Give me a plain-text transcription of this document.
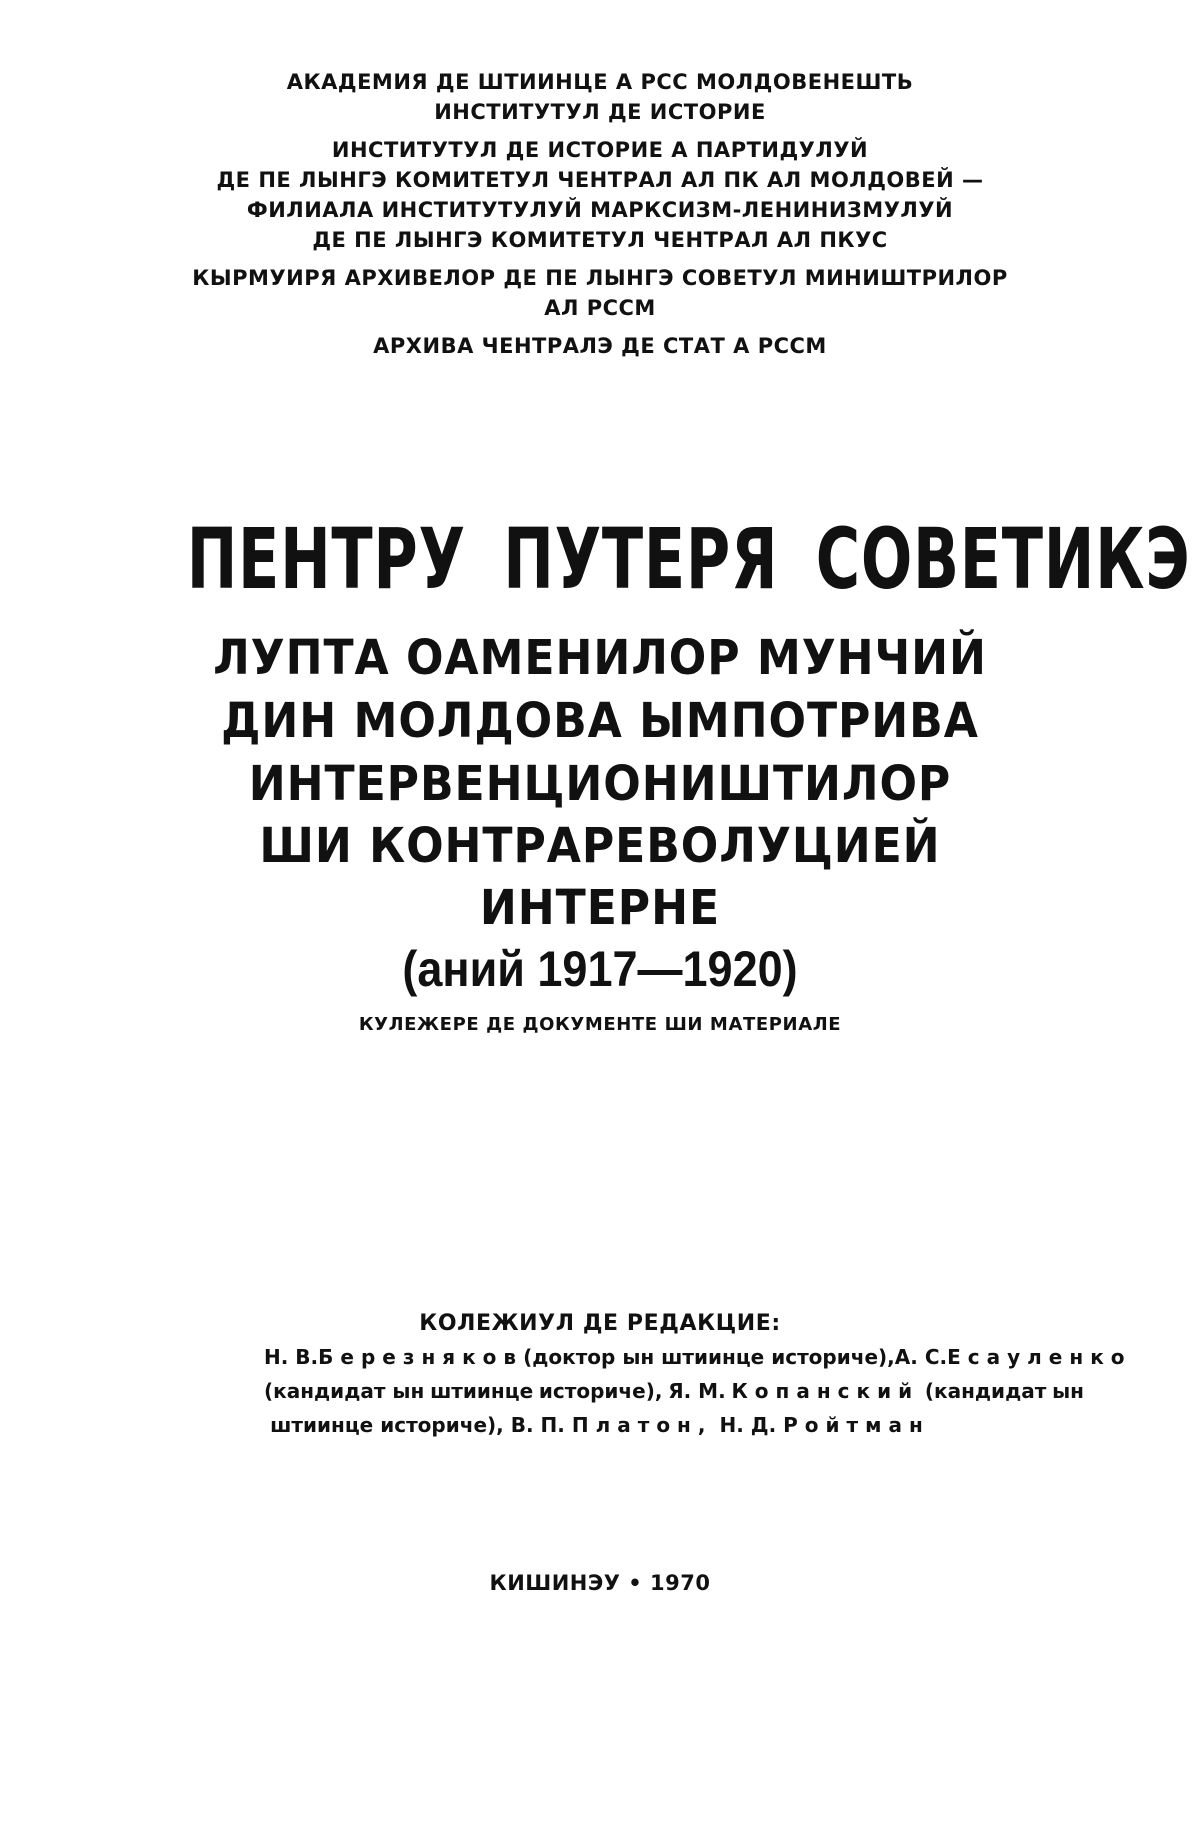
АКАДЕМИЯ ДЕ ШТИИНЦЕ А РСС МОЛДОВЕНЕШТЬ
ИНСТИТУТУЛ ДЕ ИСТОРИЕ
ИНСТИТУТУЛ ДЕ ИСТОРИЕ А ПАРТИДУЛУЙ
ДЕ ПЕ ЛЫНГЭ КОМИТЕТУЛ ЧЕНТРАЛ АЛ ПК АЛ МОЛДОВЕЙ —
ФИЛИАЛА ИНСТИТУТУЛУЙ МАРКСИЗМ-ЛЕНИНИЗМУЛУЙ
ДЕ ПЕ ЛЫНГЭ КОМИТЕТУЛ ЧЕНТРАЛ АЛ ПКУС
КЫРМУИРЯ АРХИВЕЛОР ДЕ ПЕ ЛЫНГЭ СОВЕТУЛ МИНИШТРИЛОР
АЛ РССМ
АРХИВА ЧЕНТРАЛЭ ДЕ СТАТ А РССМ
ПЕНТРУ ПУТЕРЯ СОВЕТИКЭ
ЛУПТА ОАМЕНИЛОР МУНЧИЙ
ДИН МОЛДОВА ЫМПОТРИВА
ИНТЕРВЕНЦИОНИШТИЛОР
ШИ КОНТРАРЕВОЛУЦИЕЙ
ИНТЕРНЕ
(аний 1917—1920)
КУЛЕЖЕРЕ ДЕ ДОКУМЕНТЕ ШИ МАТЕРИАЛЕ
КОЛЕЖИУЛ ДЕ РЕДАКЦИЕ:
Н. В. Березняков (доктор ын штиинце историче), А. С. Есауленко
(кандидат ын штиинце историче), Я. М. Копанский (кандидат ын
штиинце историче), В. П. Платон, Н. Д. Ройтман
КИШИНЭУ • 1970
